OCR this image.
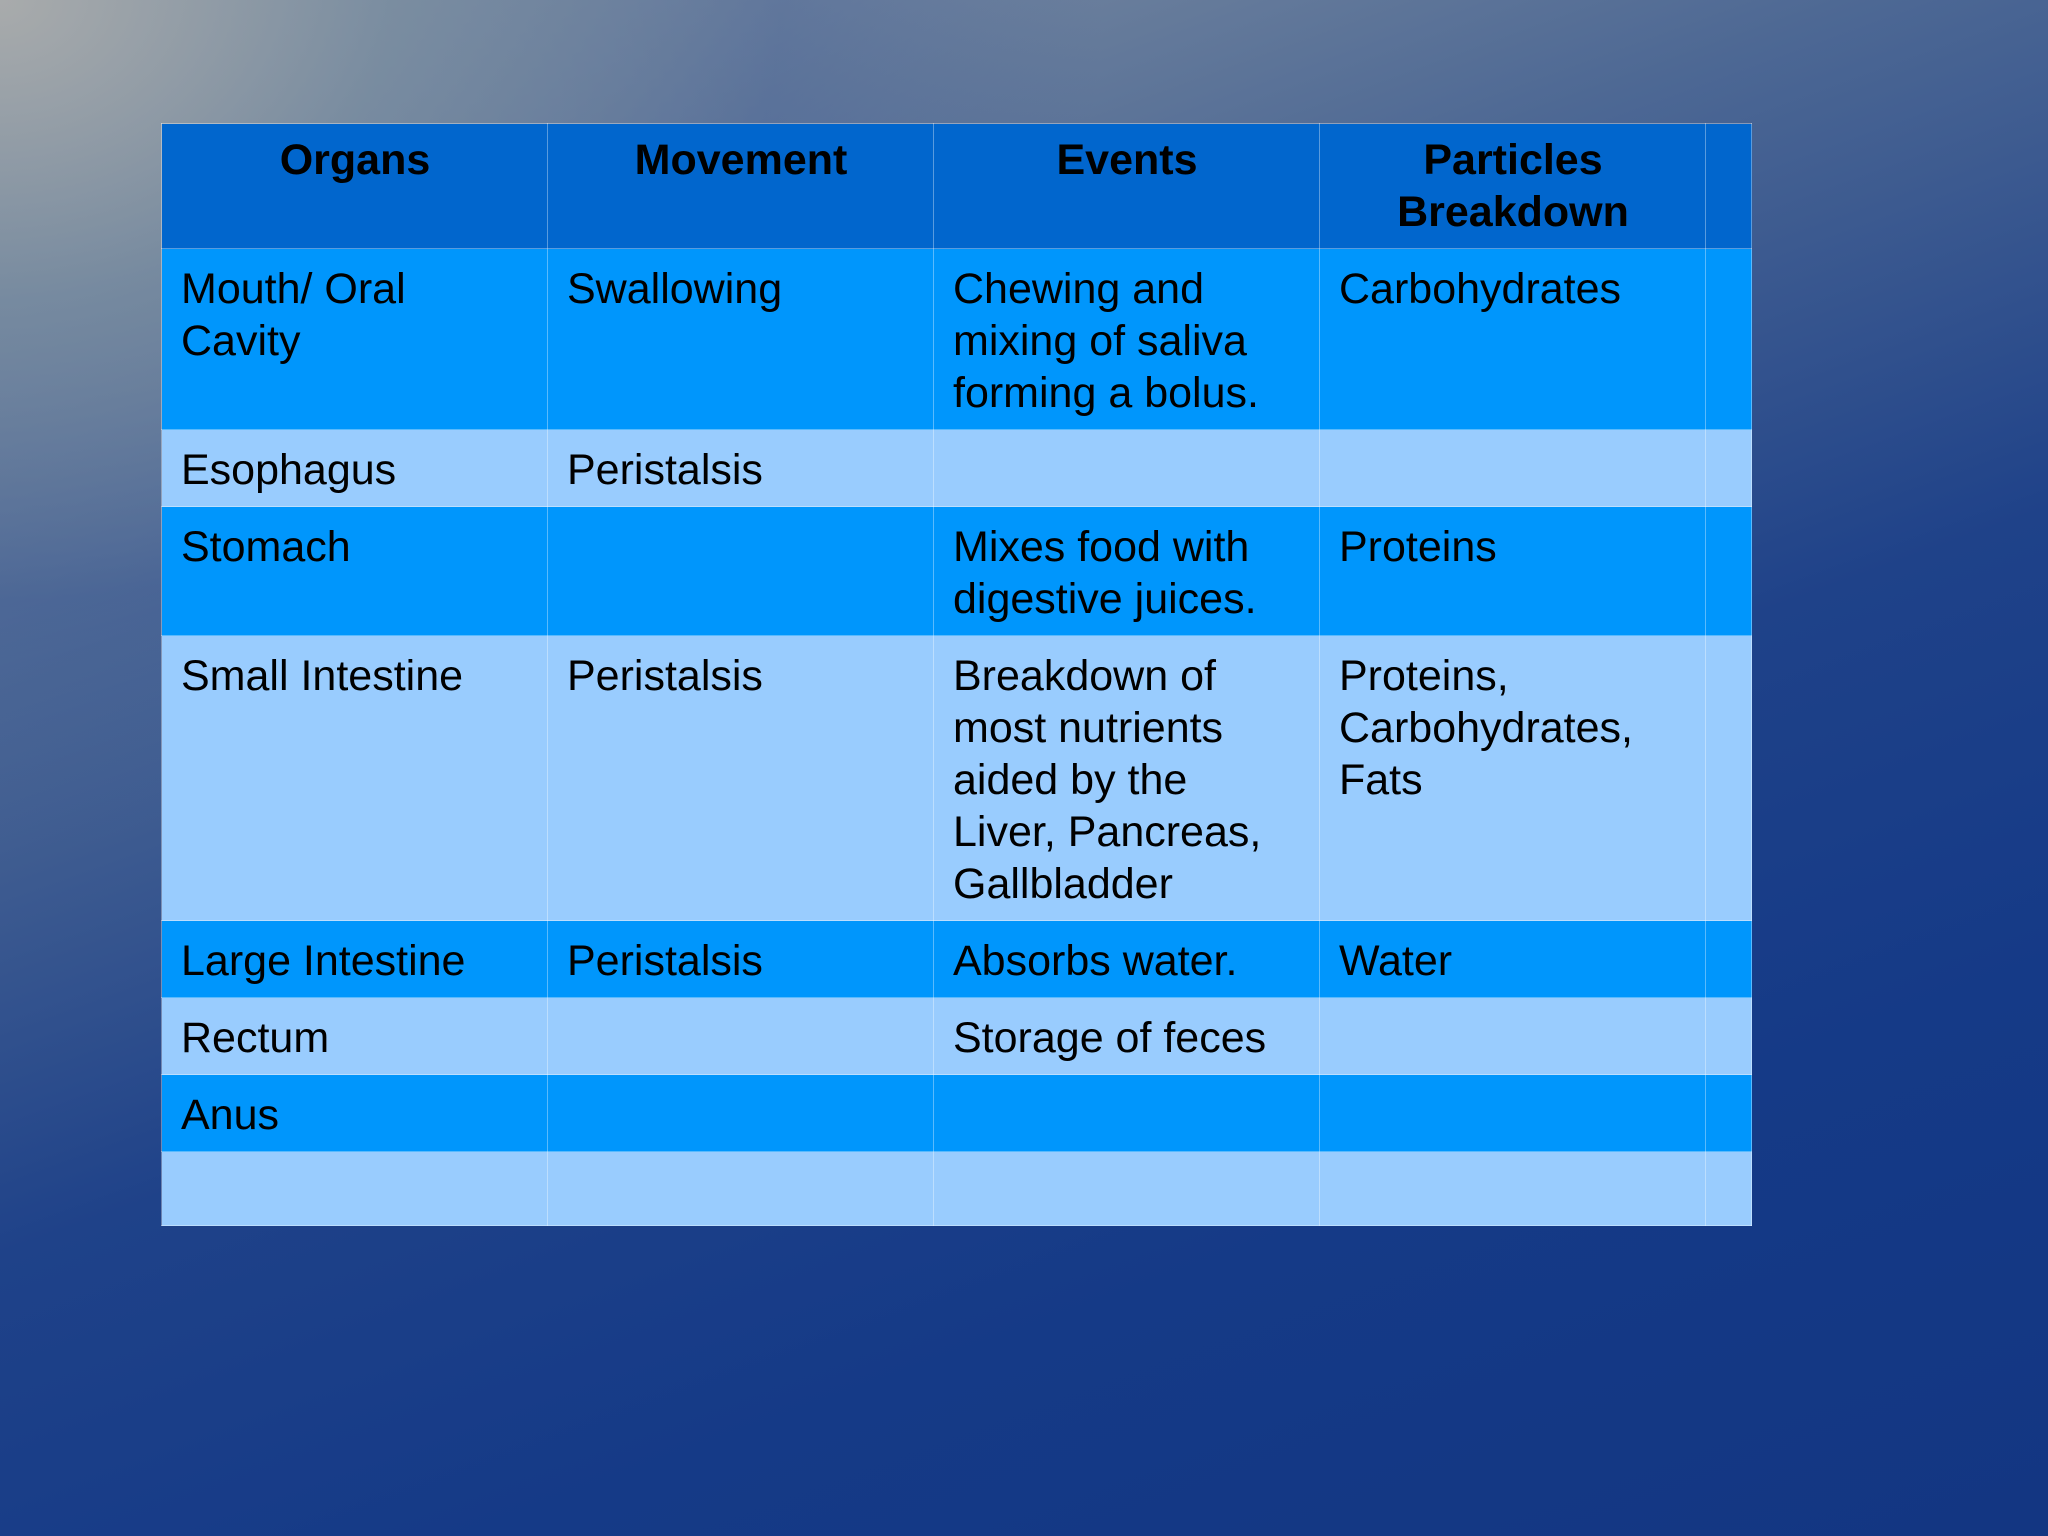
Organs	Movement	Events	Particles Breakdown	
Mouth/ Oral Cavity	Swallowing	Chewing and mixing of saliva forming a bolus.	Carbohydrates	
Esophagus	Peristalsis			
Stomach		Mixes food with digestive juices.	Proteins	
Small Intestine	Peristalsis	Breakdown of most nutrients aided by the Liver, Pancreas, Gallbladder	Proteins, Carbohydrates, Fats	
Large Intestine	Peristalsis	Absorbs water.	Water	
Rectum		Storage of feces		
Anus				
